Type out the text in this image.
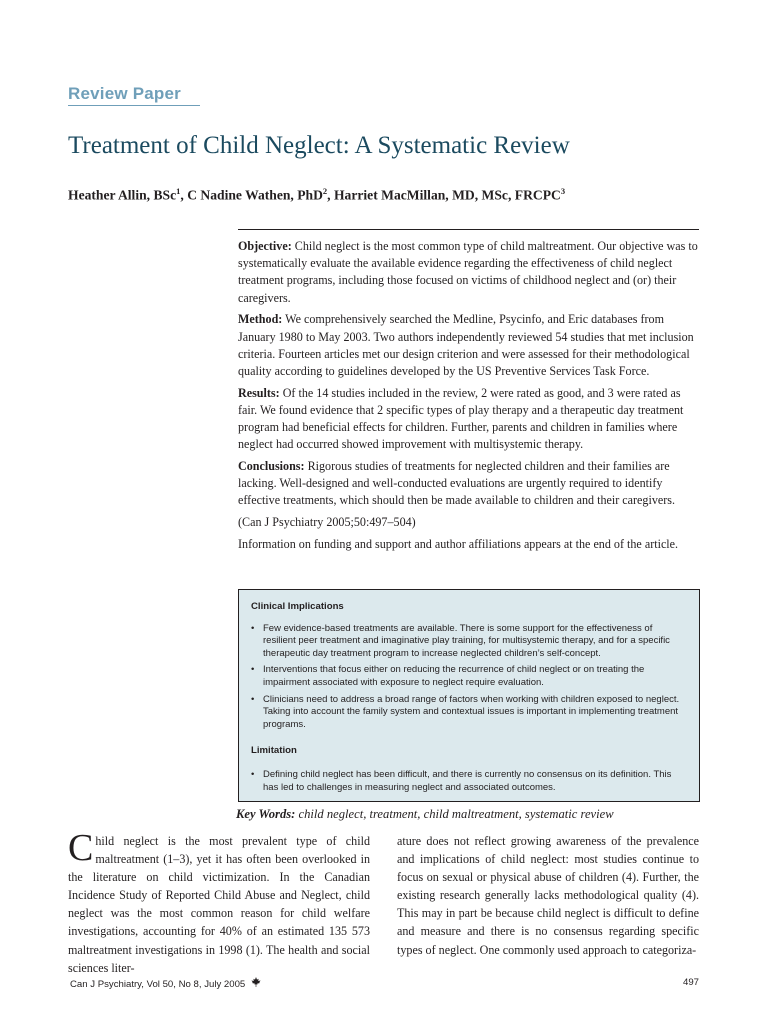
Review Paper
Treatment of Child Neglect: A Systematic Review
Heather Allin, BSc$^1$, C Nadine Wathen, PhD$^2$, Harriet MacMillan, MD, MSc, FRCPC$^3$

Objective: Child neglect is the most common type of child maltreatment. Our objective was to systematically evaluate the available evidence regarding the effectiveness of child neglect treatment programs, including those focused on victims of childhood neglect and (or) their caregivers.

Method: We comprehensively searched the Medline, Psycinfo, and Eric databases from January 1980 to May 2003. Two authors independently reviewed 54 studies that met inclusion criteria. Fourteen articles met our design criterion and were assessed for their methodological quality according to guidelines developed by the US Preventive Services Task Force.

Results: Of the 14 studies included in the review, 2 were rated as good, and 3 were rated as fair. We found evidence that 2 specific types of play therapy and a therapeutic day treatment program had beneficial effects for children. Further, parents and children in families where neglect had occurred showed improvement with multisystemic therapy.

Conclusions: Rigorous studies of treatments for neglected children and their families are lacking. Well-designed and well-conducted evaluations are urgently required to identify effective treatments, which should then be made available to children and their caregivers.

(Can J Psychiatry 2005;50:497–504)

Information on funding and support and author affiliations appears at the end of the article.

Clinical Implications
• Few evidence-based treatments are available. There is some support for the effectiveness of resilient peer treatment and imaginative play training, for multisystemic therapy, and for a specific therapeutic day treatment program to increase neglected children’s self-concept.
• Interventions that focus either on reducing the recurrence of child neglect or on treating the impairment associated with exposure to neglect require evaluation.
• Clinicians need to address a broad range of factors when working with children exposed to neglect. Taking into account the family system and contextual issues is important in implementing treatment programs.
Limitation
• Defining child neglect has been difficult, and there is currently no consensus on its definition. This has led to challenges in measuring neglect and associated outcomes.
Key Words: child neglect, treatment, child maltreatment, systematic review

Child neglect is the most prevalent type of child maltreatment (1–3), yet it has often been overlooked in the literature on child victimization. In the Canadian Incidence Study of Reported Child Abuse and Neglect, child neglect was the most common reason for child welfare investigations, accounting for 40% of an estimated 135 573 maltreatment investigations in 1998 (1). The health and social sciences liter-

ature does not reflect growing awareness of the prevalence and implications of child neglect: most studies continue to focus on sexual or physical abuse of children (4). Further, the existing research generally lacks methodological quality (4). This may in part be because child neglect is difficult to define and measure and there is no consensus regarding specific types of neglect. One commonly used approach to categoriza-

Can J Psychiatry, Vol 50, No 8, July 2005	497
